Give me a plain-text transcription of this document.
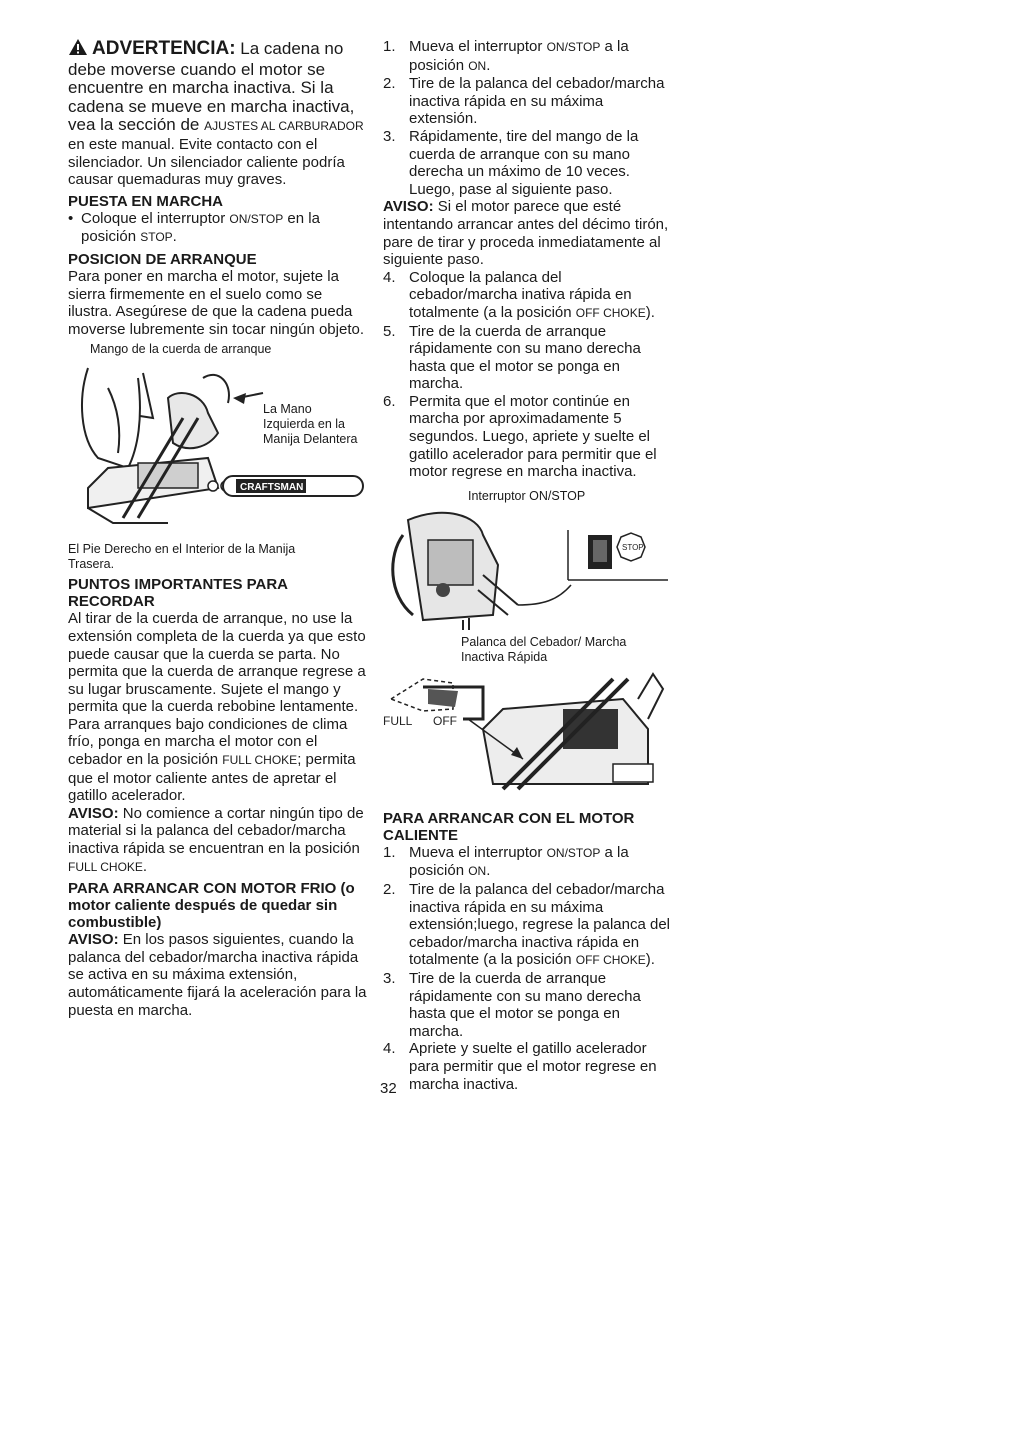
ADVERTENCIA: La cadena no debe moverse cuando el motor se encuentre en marcha inactiva. Si la cadena se mueve en marcha inactiva, vea la sección de AJUSTES AL CARBURADOR en este manual. Evite contacto con el silenciador. Un silenciador caliente podría causar quemaduras muy graves.

PUESTA EN MARCHA

• Coloque el interruptor ON/STOP en la posición STOP.

POSICION DE ARRANQUE

Para poner en marcha el motor, sujete la sierra firmemente en el suelo como se ilustra. Asegúrese de que la cadena pueda moverse lubremente sin tocar ningún objeto.

Mango de la cuerda de arranque
CRAFTSMAN
La Mano Izquierda en la Manija Delantera

El Pie Derecho en el Interior de la Manija Trasera.

PUNTOS IMPORTANTES PARA RECORDAR

Al tirar de la cuerda de arranque, no use la extensión completa de la cuerda ya que esto puede causar que la cuerda se parta. No permita que la cuerda de arranque regrese a su lugar bruscamente. Sujete el mango y permita que la cuerda rebobine lentamente.

Para arranques bajo condiciones de clima frío, ponga en marcha el motor con el cebador en la posición FULL CHOKE; permita que el motor caliente antes de apretar el gatillo acelerador.

AVISO: No comience a cortar ningún tipo de material si la palanca del cebador/marcha inactiva rápida se encuentran en la posición FULL CHOKE.

PARA ARRANCAR CON MOTOR FRIO (o motor caliente después de quedar sin combustible)

AVISO: En los pasos siguientes, cuando la palanca del cebador/marcha inactiva rápida se activa en su máxima extensión, automáticamente fijará la aceleración para la puesta en marcha.

1. Mueva el interruptor ON/STOP a la posición ON.
2. Tire de la palanca del cebador/marcha inactiva rápida en su máxima extensión.
3. Rápidamente, tire del mango de la cuerda de arranque con su mano derecha un máximo de 10 veces. Luego, pase al siguiente paso.

AVISO: Si el motor parece que esté intentando arrancar antes del décimo tirón, pare de tirar y proceda inmediatamente al siguiente paso.

4. Coloque la palanca del cebador/marcha inativa rápida en totalmente (a la posición OFF CHOKE).
5. Tire de la cuerda de arranque rápidamente con su mano derecha hasta que el motor se ponga en marcha.
6. Permita que el motor continúe en marcha por aproximadamente 5 segundos. Luego, apriete y suelte el gatillo acelerador para permitir que el motor regrese en marcha inactiva.
Interruptor ON/STOP
STOP
Palanca del Cebador/ Marcha Inactiva Rápida
FULL OFF

PARA ARRANCAR CON EL MOTOR CALIENTE

1. Mueva el interruptor ON/STOP a la posición ON.
2. Tire de la palanca del cebador/marcha inactiva rápida en su máxima extensión;luego, regrese la palanca del cebador/marcha inactiva rápida en totalmente (a la posición OFF CHOKE).
3. Tire de la cuerda de arranque rápidamente con su mano derecha hasta que el motor se ponga en marcha.
4. Apriete y suelte el gatillo acelerador para permitir que el motor regrese en marcha inactiva.
32
